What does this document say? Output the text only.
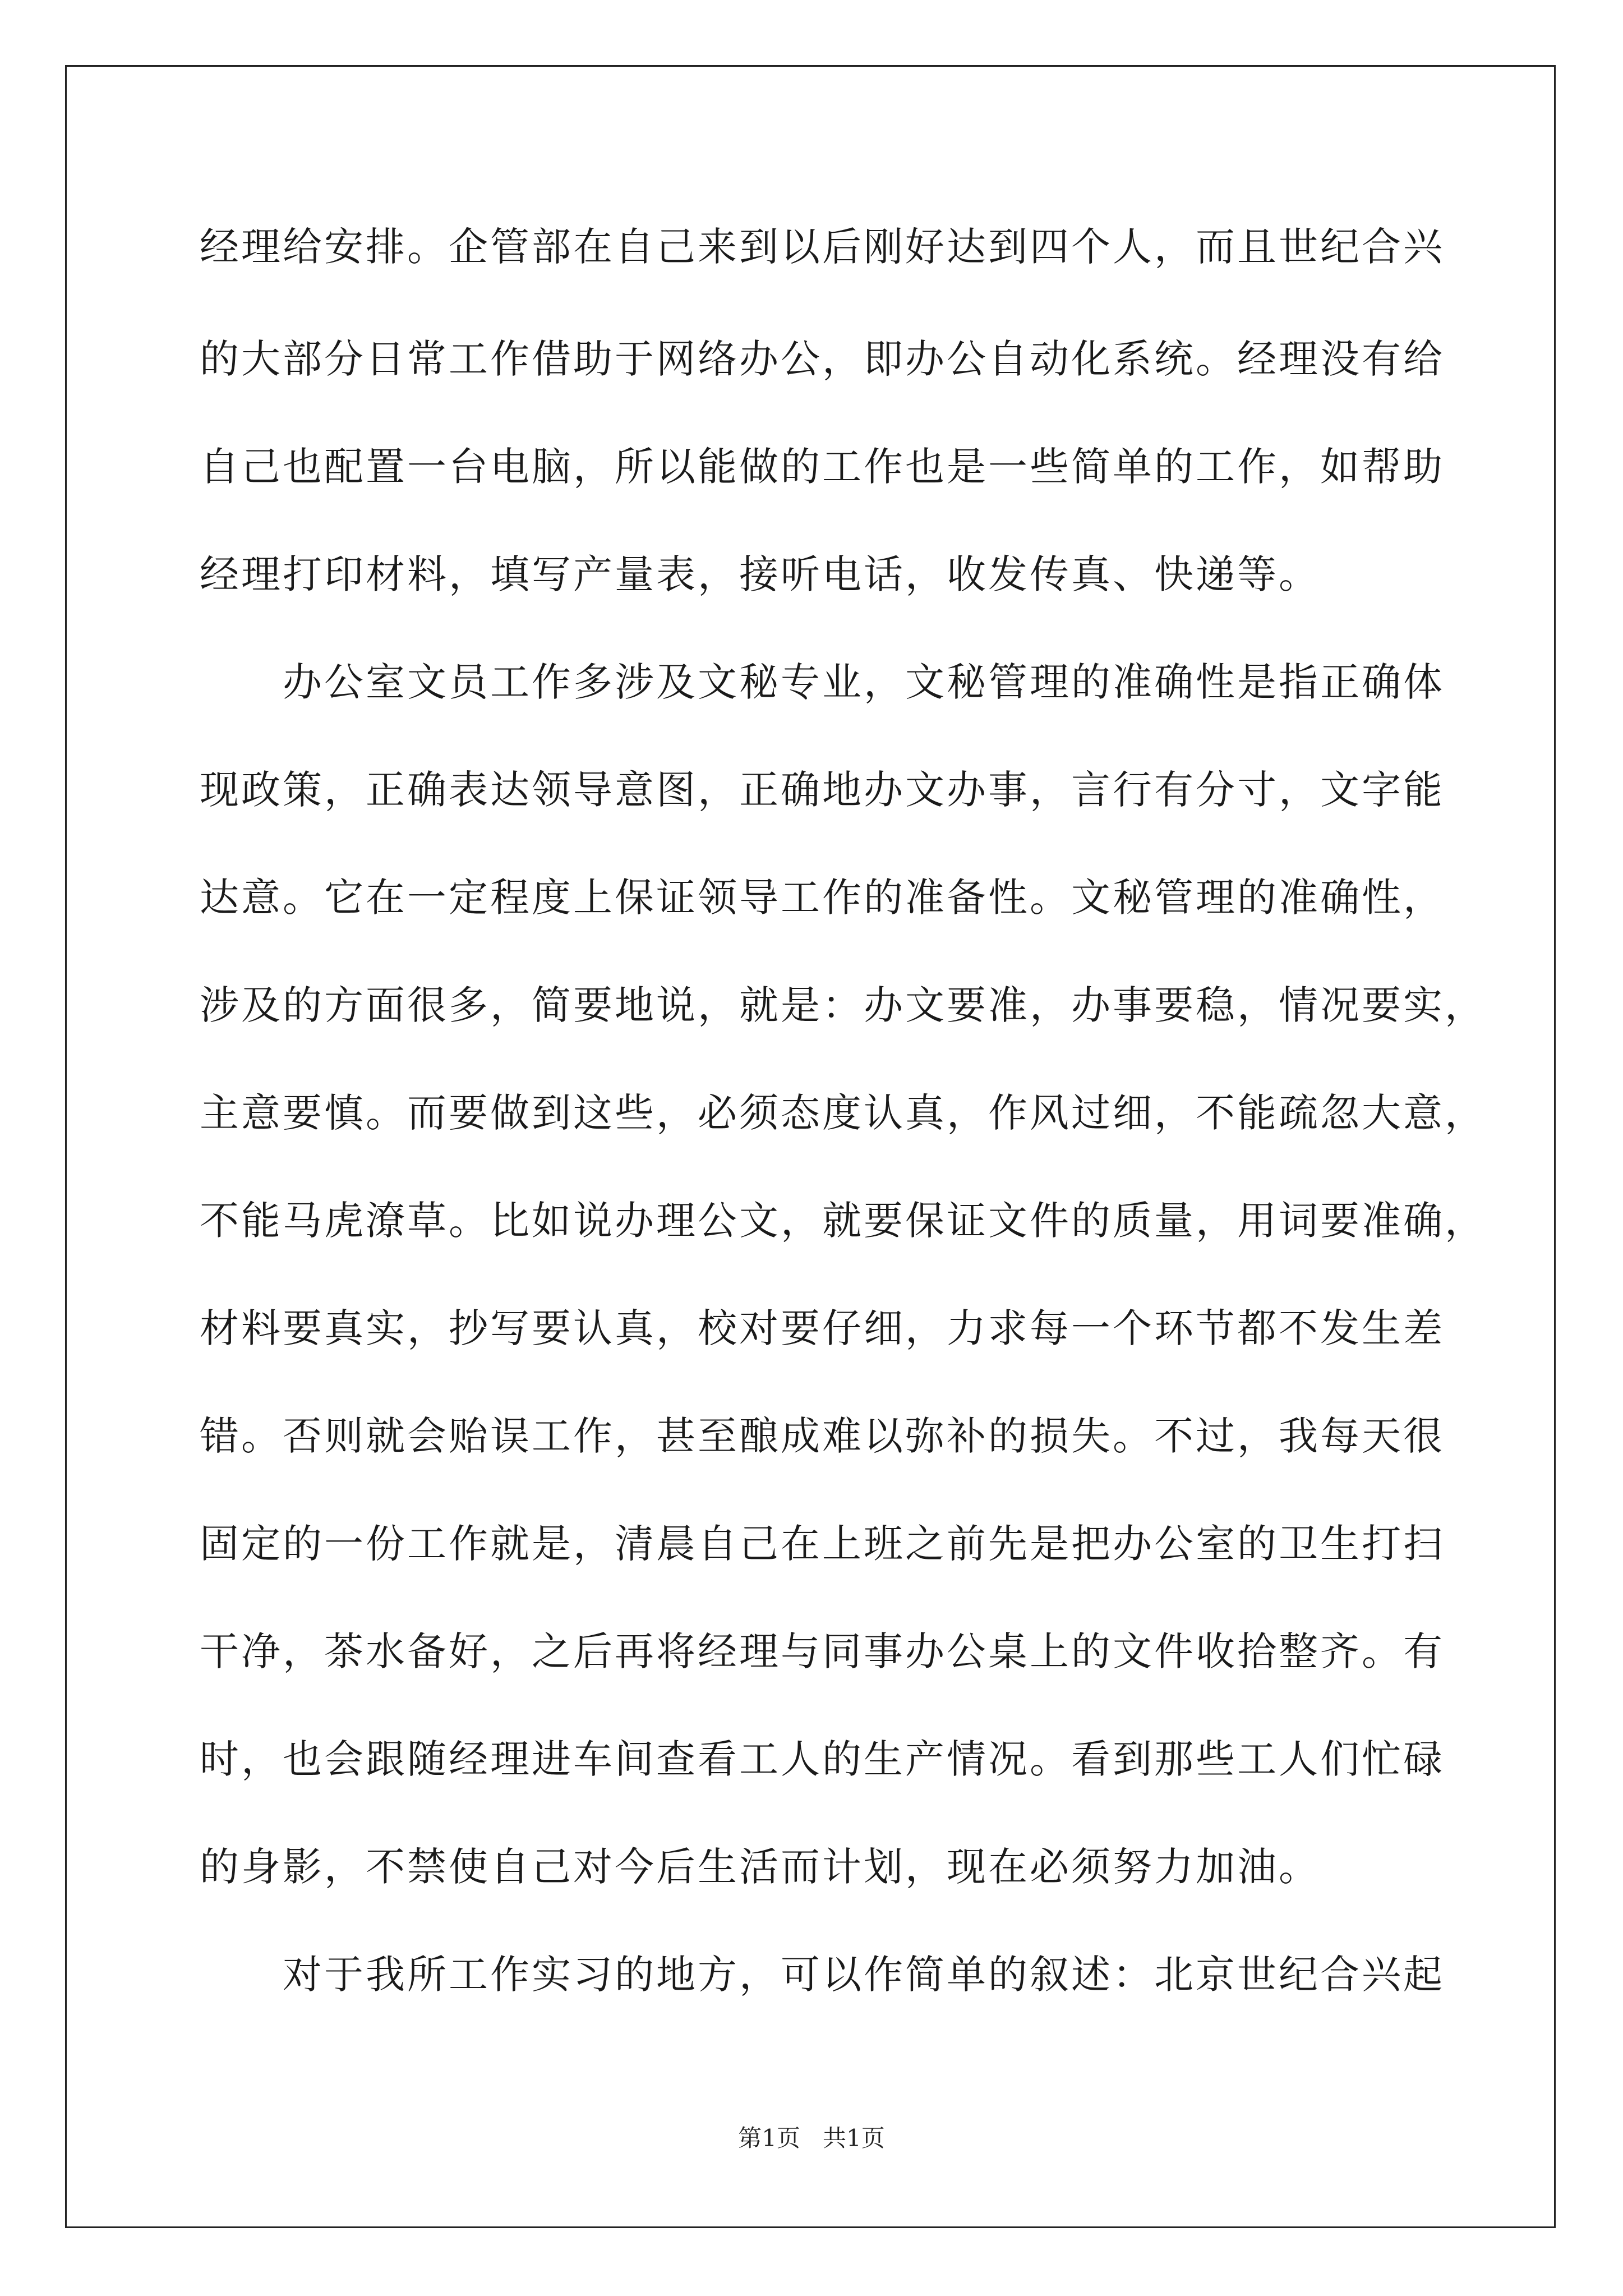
经理给安排。企管部在自己来到以后刚好达到四个人，而且世纪合兴
的大部分日常工作借助于网络办公，即办公自动化系统。经理没有给
自己也配置一台电脑，所以能做的工作也是一些简单的工作，如帮助
经理打印材料，填写产量表，接听电话，收发传真、快递等。
　　办公室文员工作多涉及文秘专业，文秘管理的准确性是指正确体
现政策，正确表达领导意图，正确地办文办事，言行有分寸，文字能
达意。它在一定程度上保证领导工作的准备性。文秘管理的准确性，
涉及的方面很多，简要地说，就是：办文要准，办事要稳，情况要实，
主意要慎。而要做到这些，必须态度认真，作风过细，不能疏忽大意，
不能马虎潦草。比如说办理公文，就要保证文件的质量，用词要准确，
材料要真实，抄写要认真，校对要仔细，力求每一个环节都不发生差
错。否则就会贻误工作，甚至酿成难以弥补的损失。不过，我每天很
固定的一份工作就是，清晨自己在上班之前先是把办公室的卫生打扫
干净，茶水备好，之后再将经理与同事办公桌上的文件收拾整齐。有
时，也会跟随经理进车间查看工人的生产情况。看到那些工人们忙碌
的身影，不禁使自己对今后生活而计划，现在必须努力加油。
　　对于我所工作实习的地方，可以作简单的叙述：北京世纪合兴起
第1页   共1页
